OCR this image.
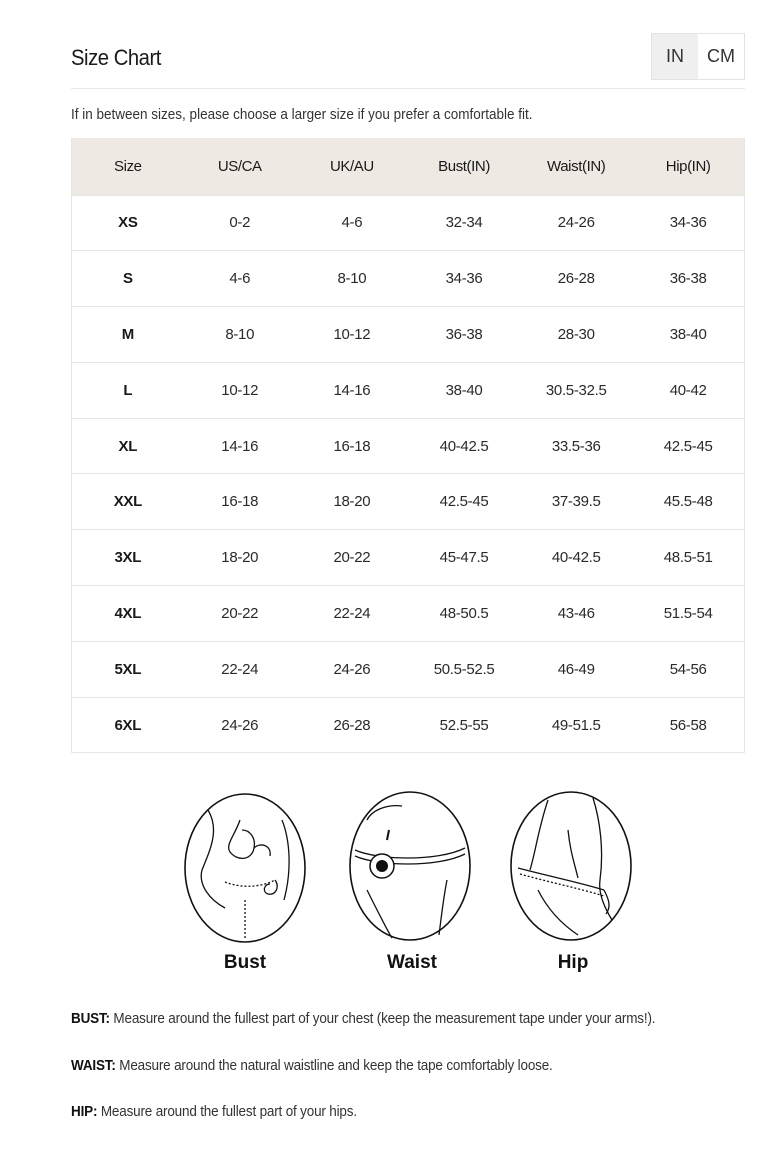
Size Chart	IN	CM
If in between sizes, please choose a larger size if you prefer a comfortable fit.
Size	US/CA	UK/AU	Bust(IN)	Waist(IN)	Hip(IN)
XS	0-2	4-6	32-34	24-26	34-36
S	4-6	8-10	34-36	26-28	36-38
M	8-10	10-12	36-38	28-30	38-40
L	10-12	14-16	38-40	30.5-32.5	40-42
XL	14-16	16-18	40-42.5	33.5-36	42.5-45
XXL	16-18	18-20	42.5-45	37-39.5	45.5-48
3XL	18-20	20-22	45-47.5	40-42.5	48.5-51
4XL	20-22	22-24	48-50.5	43-46	51.5-54
5XL	22-24	24-26	50.5-52.5	46-49	54-56
6XL	24-26	26-28	52.5-55	49-51.5	56-58
Bust	Waist	Hip
BUST: Measure around the fullest part of your chest (keep the measurement tape under your arms!).
WAIST: Measure around the natural waistline and keep the tape comfortably loose.
HIP: Measure around the fullest part of your hips.
